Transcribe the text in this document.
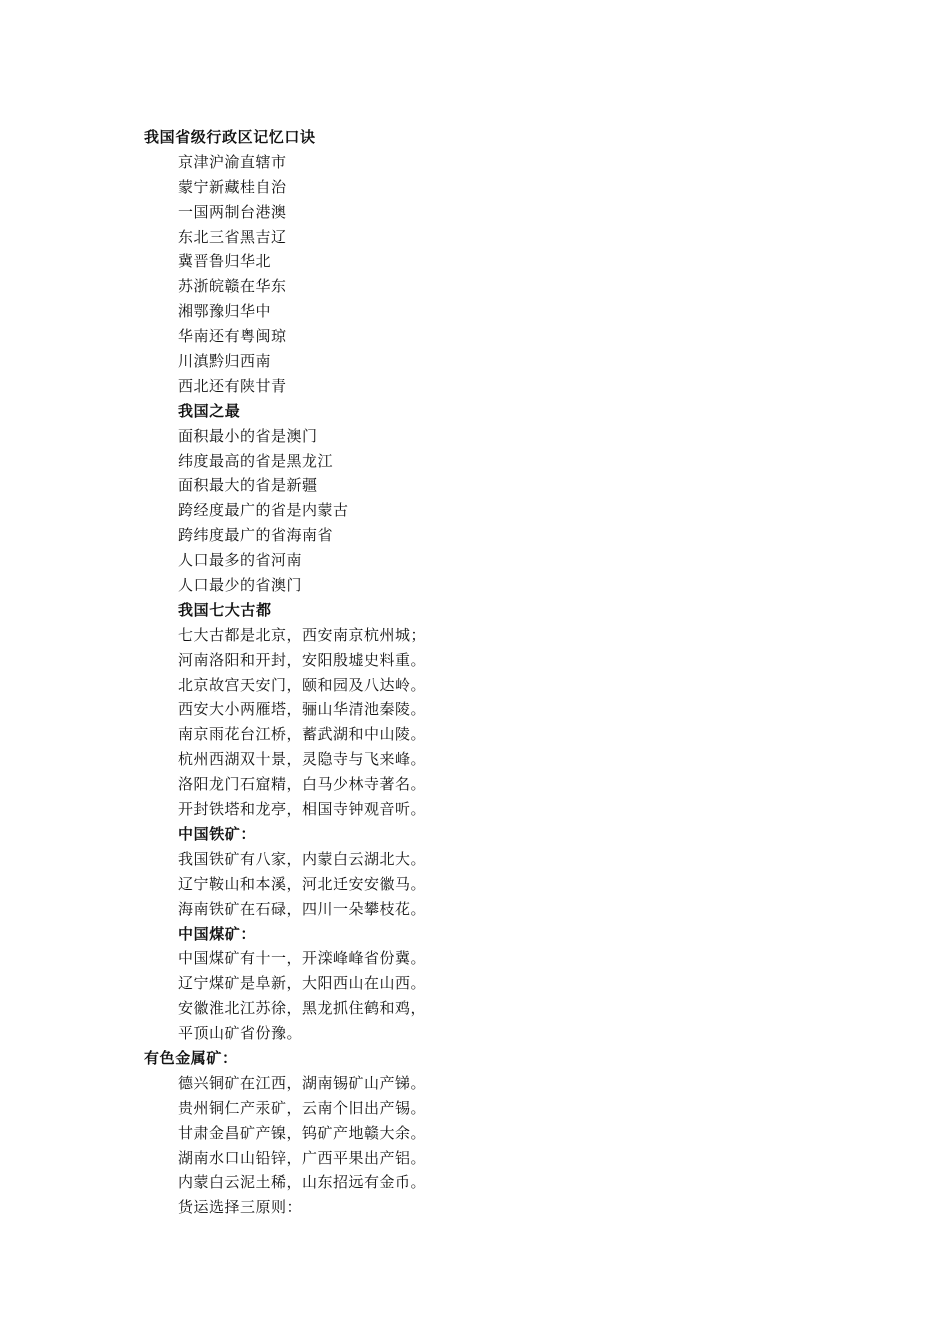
我国省级行政区记忆口诀
京津沪渝直辖市
蒙宁新藏桂自治
一国两制台港澳
东北三省黑吉辽
冀晋鲁归华北
苏浙皖赣在华东
湘鄂豫归华中
华南还有粤闽琼
川滇黔归西南
西北还有陕甘青
我国之最
面积最小的省是澳门
纬度最高的省是黑龙江
面积最大的省是新疆
跨经度最广的省是内蒙古
跨纬度最广的省海南省
人口最多的省河南
人口最少的省澳门
我国七大古都
七大古都是北京，西安南京杭州城；
河南洛阳和开封，安阳殷墟史料重。
北京故宫天安门，颐和园及八达岭。
西安大小两雁塔，骊山华清池秦陵。
南京雨花台江桥，蓄武湖和中山陵。
杭州西湖双十景，灵隐寺与飞来峰。
洛阳龙门石窟精，白马少林寺著名。
开封铁塔和龙亭，相国寺钟观音听。
中国铁矿：
我国铁矿有八家，内蒙白云湖北大。
辽宁鞍山和本溪，河北迁安安徽马。
海南铁矿在石碌，四川一朵攀枝花。
中国煤矿：
中国煤矿有十一，开滦峰峰省份冀。
辽宁煤矿是阜新，大阳西山在山西。
安徽淮北江苏徐，黑龙抓住鹤和鸡，
平顶山矿省份豫。
有色金属矿：
德兴铜矿在江西，湖南锡矿山产锑。
贵州铜仁产汞矿，云南个旧出产锡。
甘肃金昌矿产镍，钨矿产地赣大余。
湖南水口山铅锌，广西平果出产铝。
内蒙白云泥土稀，山东招远有金币。
货运选择三原则：
